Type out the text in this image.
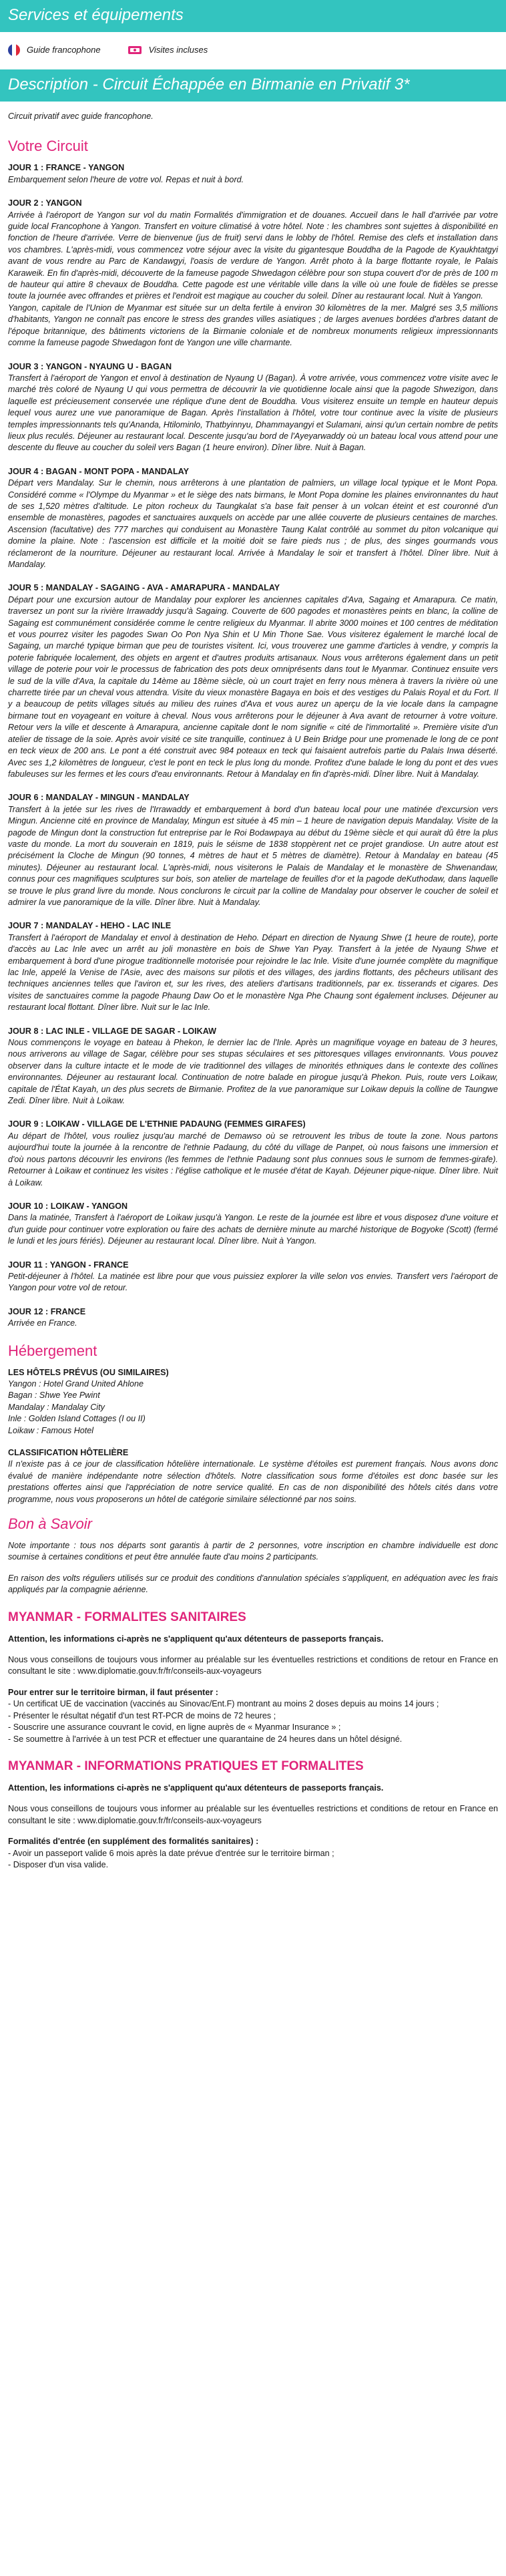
Services et équipements
Guide francophone	Visites incluses
Description - Circuit Échappée en Birmanie en Privatif 3*

Circuit privatif avec guide francophone.

Votre Circuit
JOUR 1 : FRANCE - YANGON
Embarquement selon l'heure de votre vol. Repas et nuit à bord.
JOUR 2 : YANGON
Arrivée à l'aéroport de Yangon sur vol du matin Formalités d'immigration et de douanes. Accueil dans le hall d'arrivée par votre guide local Francophone à Yangon. Transfert en voiture climatisé à votre hôtel. Note : les chambres sont sujettes à disponibilité en fonction de l'heure d'arrivée. Verre de bienvenue (jus de fruit) servi dans le lobby de l'hôtel. Remise des clefs et installation dans vos chambres. L'après-midi, vous commencez votre séjour avec la visite du gigantesque Bouddha de la Pagode de Kyaukhtatgyi avant de vous rendre au Parc de Kandawgyi, l'oasis de verdure de Yangon. Arrêt photo à la barge flottante royale, le Palais Karaweik. En fin d'après-midi, découverte de la fameuse pagode Shwedagon célèbre pour son stupa couvert d'or de près de 100 m de hauteur qui attire 8 chevaux de Bouddha. Cette pagode est une véritable ville dans la ville où une foule de fidèles se presse toute la journée avec offrandes et prières et l'endroit est magique au coucher du soleil. Dîner au restaurant local. Nuit à Yangon.
Yangon, capitale de l'Union de Myanmar est située sur un delta fertile à environ 30 kilomètres de la mer. Malgré ses 3,5 millions d'habitants, Yangon ne connaît pas encore le stress des grandes villes asiatiques ; de larges avenues bordées d'arbres datant de l'époque britannique, des bâtiments victoriens de la Birmanie coloniale et de nombreux monuments religieux impressionnants comme la fameuse pagode Shwedagon font de Yangon une ville charmante.
JOUR 3 : YANGON - NYAUNG U - BAGAN
Transfert à l'aéroport de Yangon et envol à destination de Nyaung U (Bagan). À votre arrivée, vous commencez votre visite avec le marché très coloré de Nyaung U qui vous permettra de découvrir la vie quotidienne locale ainsi que la pagode Shwezigon, dans laquelle est précieusement conservée une réplique d'une dent de Bouddha. Vous visiterez ensuite un temple en hauteur depuis lequel vous aurez une vue panoramique de Bagan. Après l'installation à l'hôtel, votre tour continue avec la visite de plusieurs temples impressionnants tels qu'Ananda, Htilominlo, Thatbyinnyu, Dhammayangyi et Sulamani, ainsi qu'un certain nombre de petits lieux plus reculés. Déjeuner au restaurant local. Descente jusqu'au bord de l'Ayeyarwaddy où un bateau local vous attend pour une descente du fleuve au coucher du soleil vers Bagan (1 heure environ). Dîner libre. Nuit à Bagan.
JOUR 4 : BAGAN - MONT POPA - MANDALAY
Départ vers Mandalay. Sur le chemin, nous arrêterons à une plantation de palmiers, un village local typique et le Mont Popa. Considéré comme « l'Olympe du Myanmar » et le siège des nats birmans, le Mont Popa domine les plaines environnantes du haut de ses 1,520 mètres d'altitude. Le piton rocheux du Taungkalat s'a base fait penser à un volcan éteint et est couronné d'un ensemble de monastères, pagodes et sanctuaires auxquels on accède par une allée couverte de plusieurs centaines de marches. Ascension (facultative) des 777 marches qui conduisent au Monastère Taung Kalat contrôlé au sommet du piton volcanique qui domine la plaine. Note : l'ascension est difficile et la moitié doit se faire pieds nus ; de plus, des singes gourmands vous réclameront de la nourriture. Déjeuner au restaurant local. Arrivée à Mandalay le soir et transfert à l'hôtel. Dîner libre. Nuit à Mandalay.
JOUR 5 : MANDALAY - SAGAING - AVA - AMARAPURA - MANDALAY
Départ pour une excursion autour de Mandalay pour explorer les anciennes capitales d'Ava, Sagaing et Amarapura. Ce matin, traversez un pont sur la rivière Irrawaddy jusqu'à Sagaing. Couverte de 600 pagodes et monastères peints en blanc, la colline de Sagaing est communément considérée comme le centre religieux du Myanmar. Il abrite 3000 moines et 100 centres de méditation et vous pourrez visiter les pagodes Swan Oo Pon Nya Shin et U Min Thone Sae. Vous visiterez également le marché local de Sagaing, un marché typique birman que peu de touristes visitent. Ici, vous trouverez une gamme d'articles à vendre, y compris la poterie fabriquée localement, des objets en argent et d'autres produits artisanaux. Nous vous arrêterons également dans un petit village de poterie pour voir le processus de fabrication des pots deux omniprésents dans tout le Myanmar. Continuez ensuite vers le sud de la ville d'Ava, la capitale du 14ème au 18ème siècle, où un court trajet en ferry nous mènera à travers la rivière où une charrette tirée par un cheval vous attendra. Visite du vieux monastère Bagaya en bois et des vestiges du Palais Royal et du Fort. Il y a beaucoup de petits villages situés au milieu des ruines d'Ava et vous aurez un aperçu de la vie locale dans la campagne birmane tout en voyageant en voiture à cheval. Nous vous arrêterons pour le déjeuner à Ava avant de retourner à votre voiture. Retour vers la ville et descente à Amarapura, ancienne capitale dont le nom signifie « cité de l'immortalité ». Première visite d'un atelier de tissage de la soie. Après avoir visité ce site tranquille, continuez à U Bein Bridge pour une promenade le long de ce pont en teck vieux de 200 ans. Le pont a été construit avec 984 poteaux en teck qui faisaient autrefois partie du Palais Inwa déserté. Avec ses 1,2 kilomètres de longueur, c'est le pont en teck le plus long du monde. Profitez d'une balade le long du pont et des vues fabuleuses sur les fermes et les cours d'eau environnants. Retour à Mandalay en fin d'après-midi. Dîner libre. Nuit à Mandalay.
JOUR 6 : MANDALAY - MINGUN - MANDALAY
Transfert à la jetée sur les rives de l'Irrawaddy et embarquement à bord d'un bateau local pour une matinée d'excursion vers Mingun. Ancienne cité en province de Mandalay, Mingun est située à 45 min – 1 heure de navigation depuis Mandalay. Visite de la pagode de Mingun dont la construction fut entreprise par le Roi Bodawpaya au début du 19ème siècle et qui aurait dû être la plus vaste du monde. La mort du souverain en 1819, puis le séisme de 1838 stoppèrent net ce projet grandiose. Un autre atout est précisément la Cloche de Mingun (90 tonnes, 4 mètres de haut et 5 mètres de diamètre). Retour à Mandalay en bateau (45 minutes). Déjeuner au restaurant local. L'après-midi, nous visiterons le Palais de Mandalay et le monastère de Shwenandaw, connus pour ces magnifiques sculptures sur bois, son atelier de martelage de feuilles d'or et la pagode deKuthodaw, dans laquelle se trouve le plus grand livre du monde. Nous conclurons le circuit par la colline de Mandalay pour observer le coucher de soleil et admirer la vue panoramique de la ville. Dîner libre. Nuit à Mandalay.
JOUR 7 : MANDALAY - HEHO - LAC INLE
Transfert à l'aéroport de Mandalay et envol à destination de Heho. Départ en direction de Nyaung Shwe (1 heure de route), porte d'accès au Lac Inle avec un arrêt au joli monastère en bois de Shwe Yan Pyay. Transfert à la jetée de Nyaung Shwe et embarquement à bord d'une pirogue traditionnelle motorisée pour rejoindre le lac Inle. Visite d'une journée complète du magnifique lac Inle, appelé la Venise de l'Asie, avec des maisons sur pilotis et des villages, des jardins flottants, des pêcheurs utilisant des techniques anciennes telles que l'aviron et, sur les rives, des ateliers d'artisans traditionnels, par ex. tisserands et cigares. Des visites de sanctuaires comme la pagode Phaung Daw Oo et le monastère Nga Phe Chaung sont également incluses. Déjeuner au restaurant local flottant. Dîner libre. Nuit sur le lac Inle.
JOUR 8 : LAC INLE - VILLAGE DE SAGAR - LOIKAW
Nous commençons le voyage en bateau à Phekon, le dernier lac de l'Inle. Après un magnifique voyage en bateau de 3 heures, nous arriverons au village de Sagar, célèbre pour ses stupas séculaires et ses pittoresques villages environnants. Vous pouvez observer dans la culture intacte et le mode de vie traditionnel des villages de minorités ethniques dans le contexte des collines environnantes. Déjeuner au restaurant local. Continuation de notre balade en pirogue jusqu'à Phekon. Puis, route vers Loikaw, capitale de l'État Kayah, un des plus secrets de Birmanie. Profitez de la vue panoramique sur Loikaw depuis la colline de Taungwe Zedi. Dîner libre. Nuit à Loikaw.
JOUR 9 : LOIKAW - VILLAGE DE L'ETHNIE PADAUNG (FEMMES GIRAFES)
Au départ de l'hôtel, vous rouliez jusqu'au marché de Demawso où se retrouvent les tribus de toute la zone. Nous partons aujourd'hui toute la journée à la rencontre de l'ethnie Padaung, du côté du village de Panpet, où nous faisons une immersion et d'où nous partons découvrir les environs (les femmes de l'ethnie Padaung sont plus connues sous le surnom de femmes-girafe). Retourner à Loikaw et continuez les visites : l'église catholique et le musée d'état de Kayah. Déjeuner pique-nique. Dîner libre. Nuit à Loikaw.
JOUR 10 : LOIKAW - YANGON
Dans la matinée, Transfert à l'aéroport de Loikaw jusqu'à Yangon. Le reste de la journée est libre et vous disposez d'une voiture et d'un guide pour continuer votre exploration ou faire des achats de dernière minute au marché historique de Bogyoke (Scott) (fermé le lundi et les jours fériés). Déjeuner au restaurant local. Dîner libre. Nuit à Yangon.
JOUR 11 : YANGON - FRANCE
Petit-déjeuner à l'hôtel. La matinée est libre pour que vous puissiez explorer la ville selon vos envies. Transfert vers l'aéroport de Yangon pour votre vol de retour.
JOUR 12 : FRANCE
Arrivée en France.
Hébergement
LES HÔTELS PRÉVUS (OU SIMILAIRES)
Yangon : Hotel Grand United Ahlone
Bagan : Shwe Yee Pwint
Mandalay : Mandalay City
Inle : Golden Island Cottages (I ou II)
Loikaw : Famous Hotel
CLASSIFICATION HÔTELIÈRE
Il n'existe pas à ce jour de classification hôtelière internationale. Le système d'étoiles est purement français. Nous avons donc évalué de manière indépendante notre sélection d'hôtels. Notre classification sous forme d'étoiles est donc basée sur les prestations offertes ainsi que l'appréciation de notre service qualité. En cas de non disponibilité des hôtels cités dans votre programme, nous vous proposerons un hôtel de catégorie similaire sélectionné par nos soins.
Bon à Savoir

Note importante : tous nos départs sont garantis à partir de 2 personnes, votre inscription en chambre individuelle est donc soumise à certaines conditions et peut être annulée faute d'au moins 2 participants.

En raison des volts réguliers utilisés sur ce produit des conditions d'annulation spéciales s'appliquent, en adéquation avec les frais appliqués par la compagnie aérienne.

MYANMAR - FORMALITES SANITAIRES

Attention, les informations ci-après ne s'appliquent qu'aux détenteurs de passeports français.

Nous vous conseillons de toujours vous informer au préalable sur les éventuelles restrictions et conditions de retour en France en consultant le site : www.diplomatie.gouv.fr/fr/conseils-aux-voyageurs

Pour entrer sur le territoire birman, il faut présenter :
- Un certificat UE de vaccination (vaccinés au Sinovac/Ent.F) montrant au moins 2 doses depuis au moins 14 jours ;
- Présenter le résultat négatif d'un test RT-PCR de moins de 72 heures ;
- Souscrire une assurance couvrant le covid, en ligne auprès de « Myanmar Insurance » ;
- Se soumettre à l'arrivée à un test PCR et effectuer une quarantaine de 24 heures dans un hôtel désigné.
MYANMAR - INFORMATIONS PRATIQUES ET FORMALITES

Attention, les informations ci-après ne s'appliquent qu'aux détenteurs de passeports français.

Nous vous conseillons de toujours vous informer au préalable sur les éventuelles restrictions et conditions de retour en France en consultant le site : www.diplomatie.gouv.fr/fr/conseils-aux-voyageurs

Formalités d'entrée (en supplément des formalités sanitaires) :
- Avoir un passeport valide 6 mois après la date prévue d'entrée sur le territoire birman ;
- Disposer d'un visa valide.
